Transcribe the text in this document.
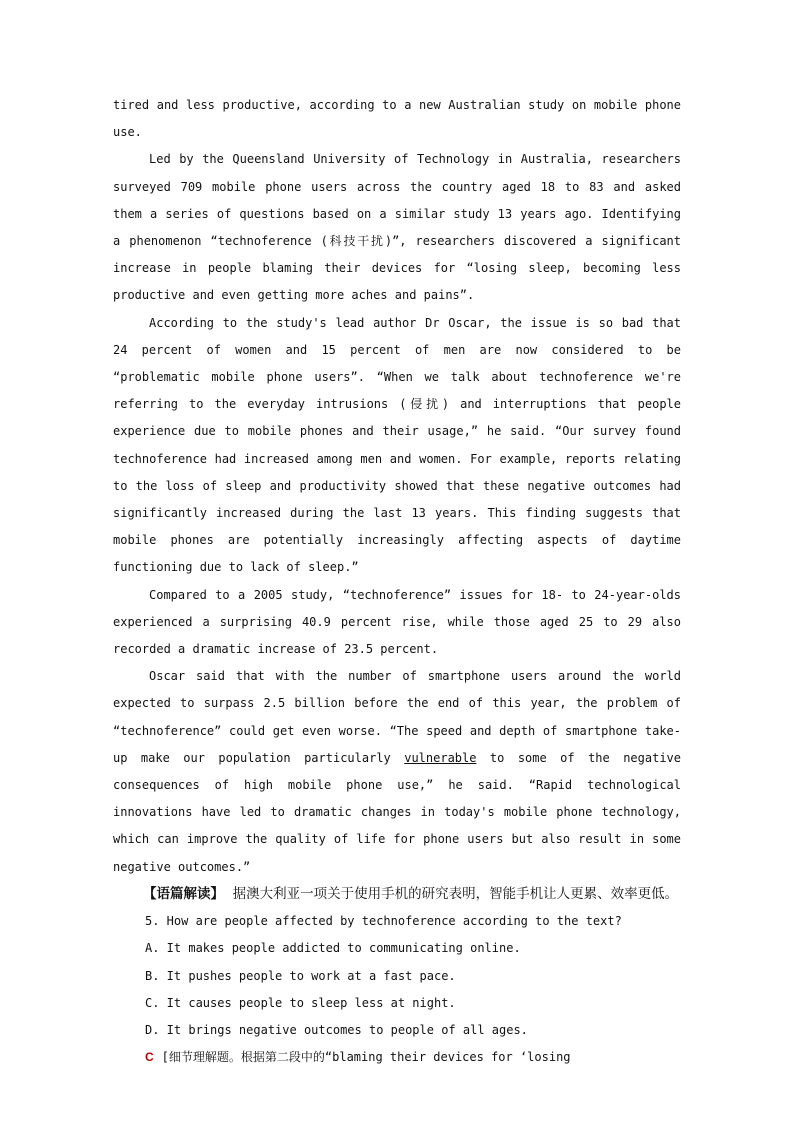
tired and less productive, according to a new Australian study on mobile phone use.

Led by the Queensland University of Technology in Australia, researchers surveyed 709 mobile phone users across the country aged 18 to 83 and asked them a series of questions based on a similar study 13 years ago. Identifying a phenomenon “technoference (科技干扰)”, researchers discovered a significant increase in people blaming their devices for “losing sleep, becoming less productive and even getting more aches and pains”.

According to the study's lead author Dr Oscar, the issue is so bad that 24 percent of women and 15 percent of men are now considered to be “problematic mobile phone users”. “When we talk about technoference we're referring to the everyday intrusions (侵扰) and interruptions that people experience due to mobile phones and their usage,” he said. “Our survey found technoference had increased among men and women. For example, reports relating to the loss of sleep and productivity showed that these negative outcomes had significantly increased during the last 13 years. This finding suggests that mobile phones are potentially increasingly affecting aspects of daytime functioning due to lack of sleep.”

Compared to a 2005 study, “technoference” issues for 18- to 24-year-olds experienced a surprising 40.9 percent rise, while those aged 25 to 29 also recorded a dramatic increase of 23.5 percent.

Oscar said that with the number of smartphone users around the world expected to surpass 2.5 billion before the end of this year, the problem of “technoference” could get even worse. “The speed and depth of smartphone take-up make our population particularly vulnerable to some of the negative consequences of high mobile phone use,” he said. “Rapid technological innovations have led to dramatic changes in today's mobile phone technology, which can improve the quality of life for phone users but also result in some negative outcomes.”

【语篇解读】 据澳大利亚一项关于使用手机的研究表明，智能手机让人更累、效率更低。

5. How are people affected by technoference according to the text?

A. It makes people addicted to communicating online.

B. It pushes people to work at a fast pace.

C. It causes people to sleep less at night.

D. It brings negative outcomes to people of all ages.

C [细节理解题。根据第二段中的“blaming their devices for ‘losing
